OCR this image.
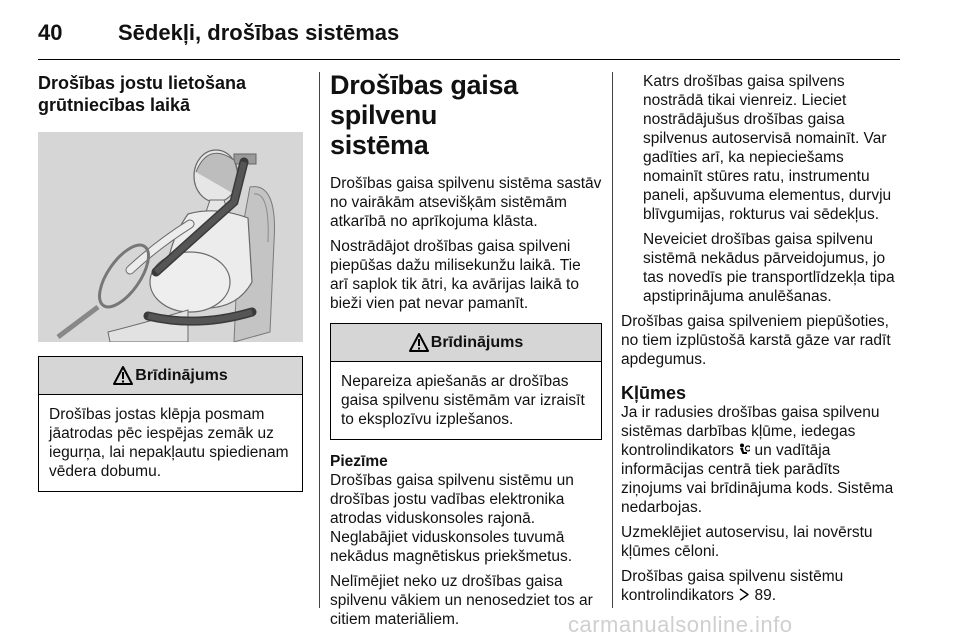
40	Sēdekļi, drošības sistēmas
Drošības jostu lietošana
grūtniecības laikā
Brīdinājums
Drošības jostas klēpja posmam jāatrodas pēc iespējas zemāk uz iegurņa, lai nepakļautu spiedienam vēdera dobumu.
Drošības gaisa spilvenu
sistēma

Drošības gaisa spilvenu sistēma sastāv no vairākām atsevišķām sistēmām atkarībā no aprīkojuma klāsta.

Nostrādājot drošības gaisa spilveni piepūšas dažu milisekunžu laikā. Tie arī saplok tik ātri, ka avārijas laikā to bieži vien pat nevar pamanīt.

Brīdinājums
Nepareiza apiešanās ar drošības gaisa spilvenu sistēmām var izraisīt to eksplozīvu izplešanos.
Piezīme

Drošības gaisa spilvenu sistēmu un drošības jostu vadības elektronika atrodas viduskonsoles rajonā. Neglabājiet viduskonsoles tuvumā nekādus magnētiskus priekšmetus.

Nelīmējiet neko uz drošības gaisa spilvenu vākiem un nenosedziet tos ar citiem materiāliem.

Katrs drošības gaisa spilvens nostrādā tikai vienreiz. Lieciet nostrādājušus drošības gaisa spilvenus autoservisā nomainīt. Var gadīties arī, ka nepieciešams nomainīt stūres ratu, instrumentu paneli, apšuvuma elementus, durvju blīvgumijas, rokturus vai sēdekļus.

Neveiciet drošības gaisa spilvenu sistēmā nekādus pārveidojumus, jo tas novedīs pie transportlīdzekļa tipa apstiprinājuma anulēšanas.

Drošības gaisa spilveniem piepūšoties, no tiem izplūstošā karstā gāze var radīt apdegumus.

Kļūmes

Ja ir radusies drošības gaisa spilvenu sistēmas darbības kļūme, iedegas kontrolindikators un vadītāja informācijas centrā tiek parādīts ziņojums vai brīdinājuma kods. Sistēma nedarbojas.

Uzmeklējiet autoservisu, lai novērstu kļūmes cēloni.

Drošības gaisa spilvenu sistēmu kontrolindikators 89.

carmanualsonline.info
